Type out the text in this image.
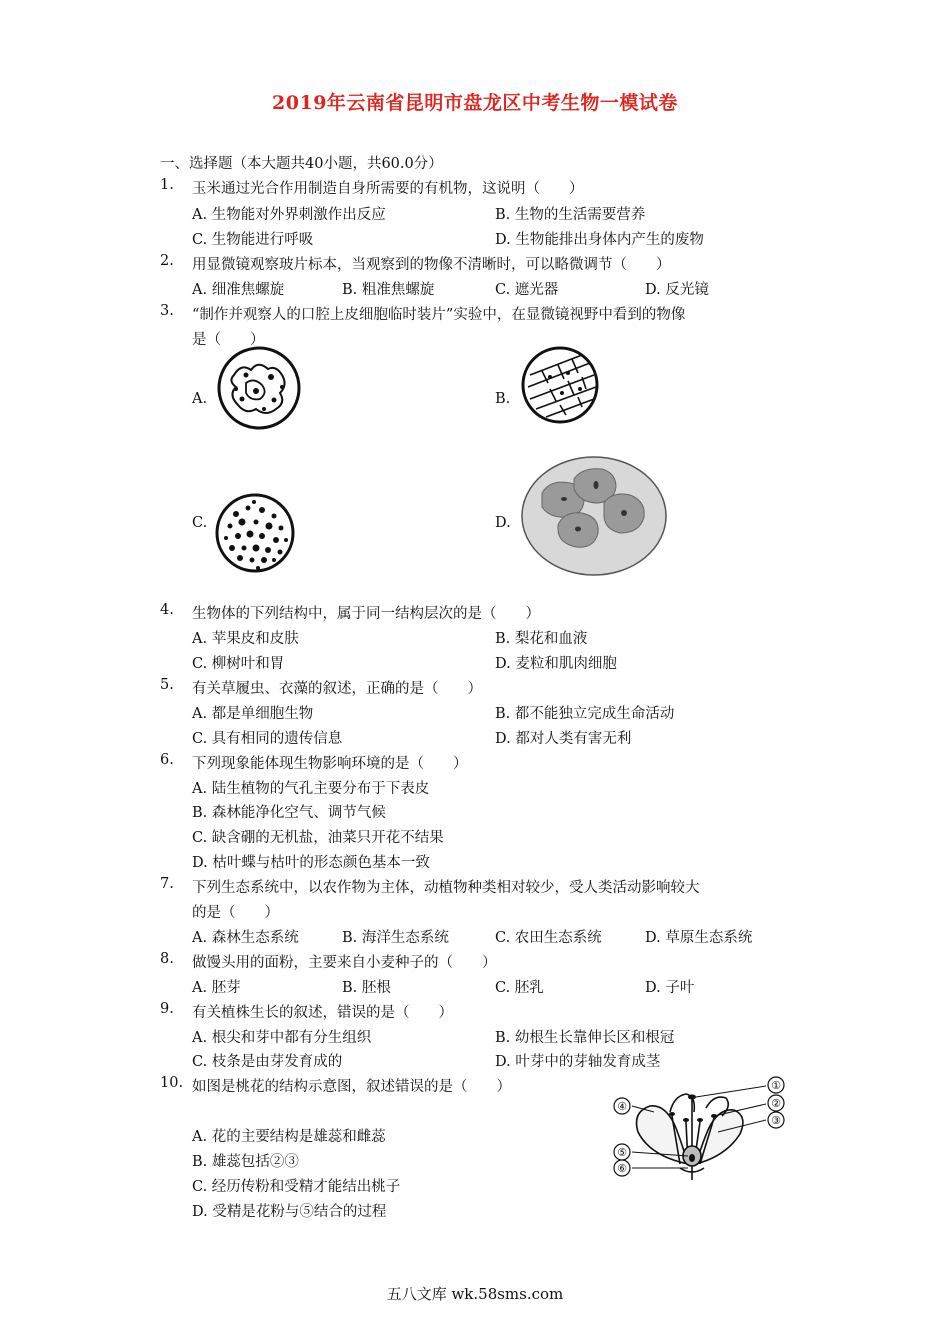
2019年云南省昆明市盘龙区中考生物一模试卷
一、选择题（本大题共40小题，共60.0分）
1. 玉米通过光合作用制造自身所需要的有机物，这说明（　　）
A. 生物能对外界刺激作出反应	B. 生物的生活需要营养
C. 生物能进行呼吸	D. 生物能排出身体内产生的废物
2. 用显微镜观察玻片标本，当观察到的物像不清晰时，可以略微调节（　　）
A. 细准焦螺旋	B. 粗准焦螺旋	C. 遮光器	D. 反光镜
3. “制作并观察人的口腔上皮细胞临时装片”实验中，在显微镜视野中看到的物像
是（　　）
A.	B.
C.	D.
4. 生物体的下列结构中，属于同一结构层次的是（　　）
A. 苹果皮和皮肤	B. 梨花和血液
C. 柳树叶和胃	D. 麦粒和肌肉细胞
5. 有关草履虫、衣藻的叙述，正确的是（　　）
A. 都是单细胞生物	B. 都不能独立完成生命活动
C. 具有相同的遗传信息	D. 都对人类有害无利
6. 下列现象能体现生物影响环境的是（　　）
A. 陆生植物的气孔主要分布于下表皮
B. 森林能净化空气、调节气候
C. 缺含硼的无机盐，油菜只开花不结果
D. 枯叶蝶与枯叶的形态颜色基本一致
7. 下列生态系统中，以农作物为主体，动植物种类相对较少，受人类活动影响较大
的是（　　）
A. 森林生态系统	B. 海洋生态系统	C. 农田生态系统	D. 草原生态系统
8. 做馒头用的面粉，主要来自小麦种子的（　　）
A. 胚芽	B. 胚根	C. 胚乳	D. 子叶
9. 有关植株生长的叙述，错误的是（　　）
A. 根尖和芽中都有分生组织	B. 幼根生长靠伸长区和根冠
C. 枝条是由芽发育成的	D. 叶芽中的芽轴发育成茎
10. 如图是桃花的结构示意图，叙述错误的是（　　）
A. 花的主要结构是雄蕊和雌蕊
B. 雄蕊包括②③
C. 经历传粉和受精才能结出桃子
D. 受精是花粉与⑤结合的过程
①
②
③
④
⑤
⑥
五八文库 wk.58sms.com
